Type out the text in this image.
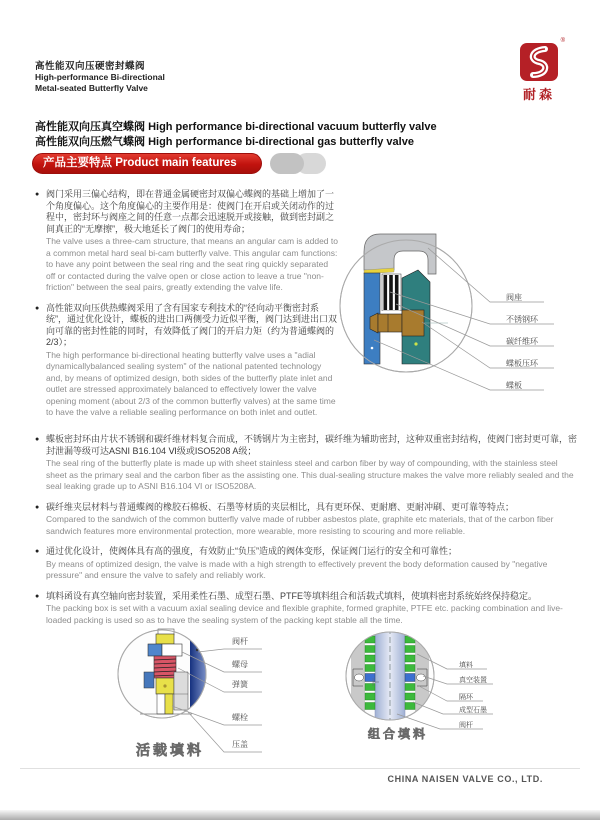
高性能双向压硬密封蝶阀
High-performance Bi-directional
Metal-seated Butterfly Valve
®
耐森
高性能双向压真空蝶阀 High performance bi-directional vacuum butterfly valve
高性能双向压燃气蝶阀 High performance bi-directional gas butterfly valve
产品主要特点 Product main features
● 阀门采用三偏心结构，即在普通金属硬密封双偏心蝶阀的基础上增加了一个角度偏心。这个角度偏心的主要作用是：使阀门在开启或关闭动作的过程中，密封环与阀座之间的任意一点都会迅速脱开或接触，做到密封副之间真正的“无摩擦”，极大地延长了阀门的使用寿命；
The valve uses a three-cam structure, that means an angular cam is added to a common metal hard seal bi-cam butterfly valve. This angular cam functions: to have any point between the seal ring and the seat ring quickly separated off or contacted during the valve open or close action to leave a true "non-friction" between the seal pairs, greatly extending the valve life.
● 高性能双向压供热蝶阀采用了含有国家专利技术的“径向动平衡密封系统”，通过优化设计，蝶板的进出口两侧受力近似平衡，阀门达到进出口双向可靠的密封性能的同时，有效降低了阀门的开启力矩（约为普通蝶阀的2/3）；
The high performance bi-directional heating butterfly valve uses a "adial dynamicallybalanced sealing system" of the national patented technology and, by means of optimized design, both sides of the butterfly plate inlet and outlet are stressed approximately balanced to effectively lower the valve opening moment (about 2/3 of the common butterfly valves) at the same time to have the valve a reliable sealing performance on both inlet and outlet.
阀座
不锈钢环
碳纤维环
蝶板压环
蝶板
● 蝶板密封环由片状不锈钢和碳纤维材料复合而成，不锈钢片为主密封，碳纤维为辅助密封，这种双重密封结构，使阀门密封更可靠，密封泄漏等级可达ASNI B16.104 Ⅵ级或ISO5208 A级；
The seal ring of the butterfly plate is made up with sheet stainless steel and carbon fiber by way of compounding, with the stainless steel sheet as the primary seal and the carbon fiber as the assisting one. This dual-sealing structure makes the valve more reliably sealed and the seal leaking grade up to ASNI B16.104 VI or ISO5208A.
● 碳纤维夹层材料与普通蝶阀的橡胶石棉板、石墨等材质的夹层相比，具有更环保、更耐磨、更耐冲刷、更可靠等特点；
Compared to the sandwich of the common butterfly valve made of rubber asbestos plate, graphite etc materials, that of the carbon fiber sandwich features more environmental protection, more wearable, more resisting to scouring and more reliable.
● 通过优化设计，使阀体具有高的强度，有效防止“负压”造成的阀体变形，保证阀门运行的安全和可靠性；
By means of optimized design, the valve is made with a high strength to effectively prevent the body deformation caused by "negative pressure" and ensure the valve to safely and reliably work.
● 填料函设有真空轴向密封装置，采用柔性石墨、成型石墨、PTFE等填料组合和活载式填料，使填料密封系统始终保持稳定。
The packing box is set with a vacuum axial sealing device and flexible graphite, formed graphite, PTFE etc. packing combination and live-loaded packing is used so as to have the sealing system of the packing kept stable all the time.
阀杆
螺母
弹簧
螺栓
压盖
活载填料
填料
真空装置
隔环
成型石墨
阀杆
组合填料
CHINA NAISEN VALVE CO., LTD.
